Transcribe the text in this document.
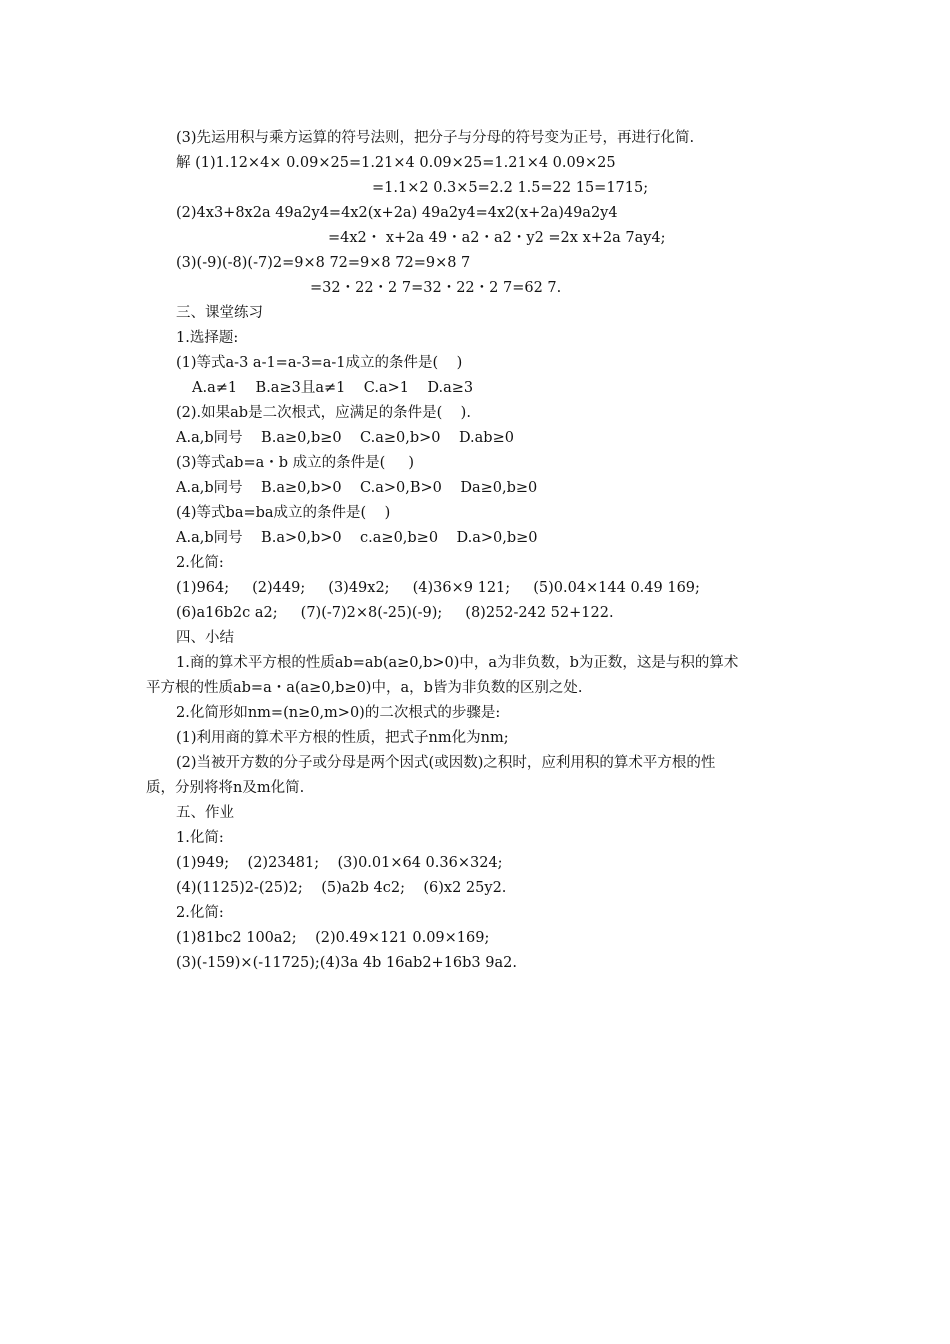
(3)先运用积与乘方运算的符号法则，把分子与分母的符号变为正号，再进行化简.
解 (1)1.12×4× 0.09×25=1.21×4 0.09×25=1.21×4 0.09×25
=1.1×2 0.3×5=2.2 1.5=22 15=1715;
(2)4x3+8x2a 49a2y4=4x2(x+2a) 49a2y4=4x2(x+2a)49a2y4
=4x2・ x+2a 49・a2・a2・y2 =2x x+2a 7ay4;
(3)(-9)(-8)(-7)2=9×8 72=9×8 72=9×8 7
=32・22・2 7=32・22・2 7=62 7.
三、课堂练习
1.选择题:
(1)等式a-3 a-1=a-3=a-1成立的条件是(    )
A.a≠1    B.a≥3且a≠1    C.a>1    D.a≥3
(2).如果ab是二次根式，应满足的条件是(    ).
A.a,b同号    B.a≥0,b≥0    C.a≥0,b>0    D.ab≥0
(3)等式ab=a・b 成立的条件是(     )
A.a,b同号    B.a≥0,b>0    C.a>0,B>0    Da≥0,b≥0
(4)等式ba=ba成立的条件是(    )
A.a,b同号    B.a>0,b>0    c.a≥0,b≥0    D.a>0,b≥0
2.化简:
(1)964;     (2)449;     (3)49x2;     (4)36×9 121;     (5)0.04×144 0.49 169;
(6)a16b2c a2;     (7)(-7)2×8(-25)(-9);     (8)252-242 52+122.
四、小结
1.商的算术平方根的性质ab=ab(a≥0,b>0)中，a为非负数，b为正数，这是与积的算术
平方根的性质ab=a・a(a≥0,b≥0)中，a，b皆为非负数的区别之处.
2.化简形如nm=(n≥0,m>0)的二次根式的步骤是:
(1)利用商的算术平方根的性质，把式子nm化为nm;
(2)当被开方数的分子或分母是两个因式(或因数)之积时，应利用积的算术平方根的性
质，分别将将n及m化简.
五、作业
1.化简:
(1)949;    (2)23481;    (3)0.01×64 0.36×324;
(4)(1125)2-(25)2;    (5)a2b 4c2;    (6)x2 25y2.
2.化简:
(1)81bc2 100a2;    (2)0.49×121 0.09×169;
(3)(-159)×(-11725);(4)3a 4b 16ab2+16b3 9a2.
